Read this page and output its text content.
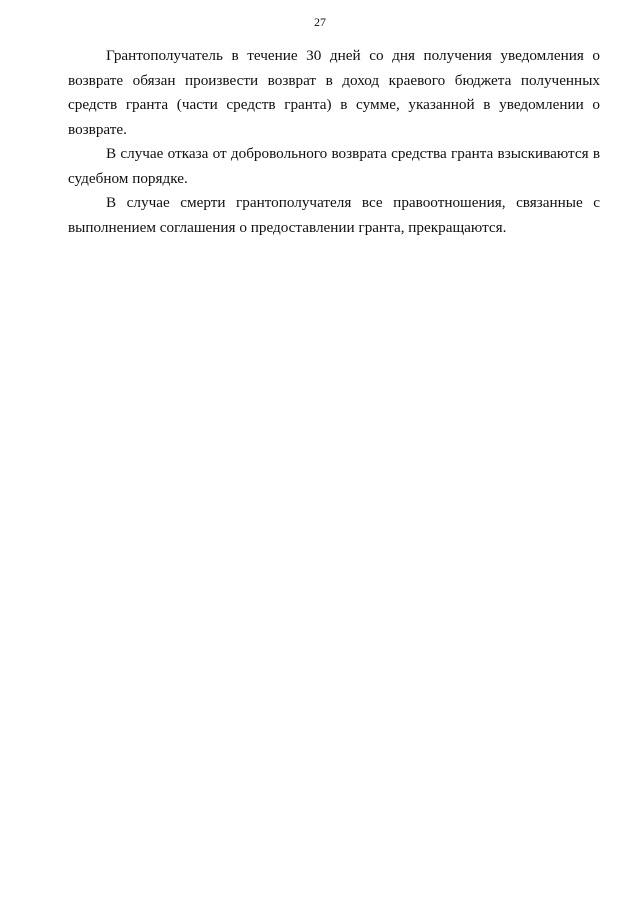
27

Грантополучатель в течение 30 дней со дня получения уведомления о возврате обязан произвести возврат в доход краевого бюджета полученных средств гранта (части средств гранта) в сумме, указанной в уведомлении о возврате.

В случае отказа от добровольного возврата средства гранта взыскиваются в судебном порядке.

В случае смерти грантополучателя все правоотношения, связанные с выполнением соглашения о предоставлении гранта, прекращаются.
